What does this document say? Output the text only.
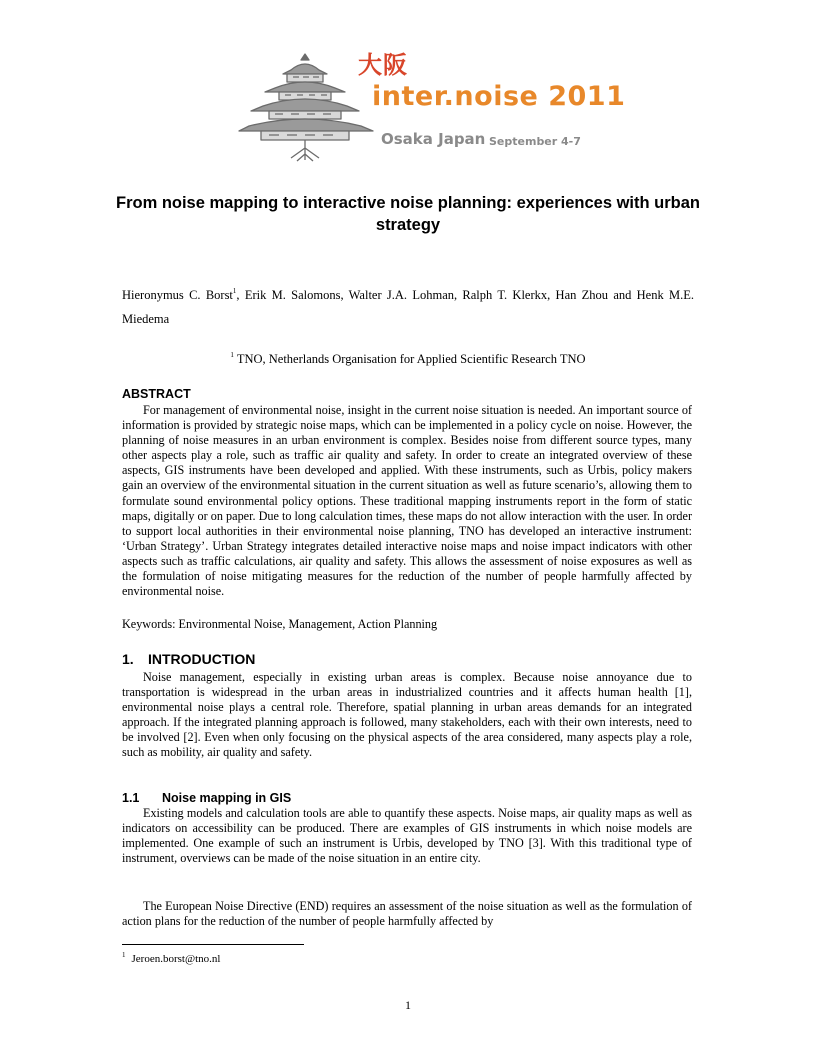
大阪
inter.noise 2011
Osaka Japan September 4-7
From noise mapping to interactive noise planning: experiences with urban strategy
Hieronymus C. Borst$^1$, Erik M. Salomons, Walter J.A. Lohman, Ralph T. Klerkx, Han Zhou and Henk M.E. Miedema
$^1$ TNO, Netherlands Organisation for Applied Scientific Research TNO
ABSTRACT

For management of environmental noise, insight in the current noise situation is needed. An important source of information is provided by strategic noise maps, which can be implemented in a policy cycle on noise. However, the planning of noise measures in an urban environment is complex. Besides noise from different source types, many other aspects play a role, such as traffic air quality and safety. In order to create an integrated overview of these aspects, GIS instruments have been developed and applied. With these instruments, such as Urbis, policy makers gain an overview of the environmental situation in the current situation as well as future scenario’s, allowing them to formulate sound environmental policy options. These traditional mapping instruments report in the form of static maps, digitally or on paper. Due to long calculation times, these maps do not allow interaction with the user. In order to support local authorities in their environmental noise planning, TNO has developed an interactive instrument: ‘Urban Strategy’. Urban Strategy integrates detailed interactive noise maps and noise impact indicators with other aspects such as traffic calculations, air quality and safety. This allows the assessment of noise exposures as well as the formulation of noise mitigating measures for the reduction of the number of people harmfully affected by environmental noise.

Keywords: Environmental Noise, Management, Action Planning
1. INTRODUCTION

Noise management, especially in existing urban areas is complex. Because noise annoyance due to transportation is widespread in the urban areas in industrialized countries and it affects human health [1], environmental noise plays a central role. Therefore, spatial planning in urban areas demands for an integrated approach. If the integrated planning approach is followed, many stakeholders, each with their own interests, need to be involved [2]. Even when only focusing on the physical aspects of the area considered, many aspects play a role, such as mobility, air quality and safety.

1.1 Noise mapping in GIS

Existing models and calculation tools are able to quantify these aspects. Noise maps, air quality maps as well as indicators on accessibility can be produced. There are examples of GIS instruments in which noise models are implemented. One example of such an instrument is Urbis, developed by TNO [3]. With this traditional type of instrument, overviews can be made of the noise situation in an entire city.

The European Noise Directive (END) requires an assessment of the noise situation as well as the formulation of action plans for the reduction of the number of people harmfully affected by

$^1$ Jeroen.borst@tno.nl
1
